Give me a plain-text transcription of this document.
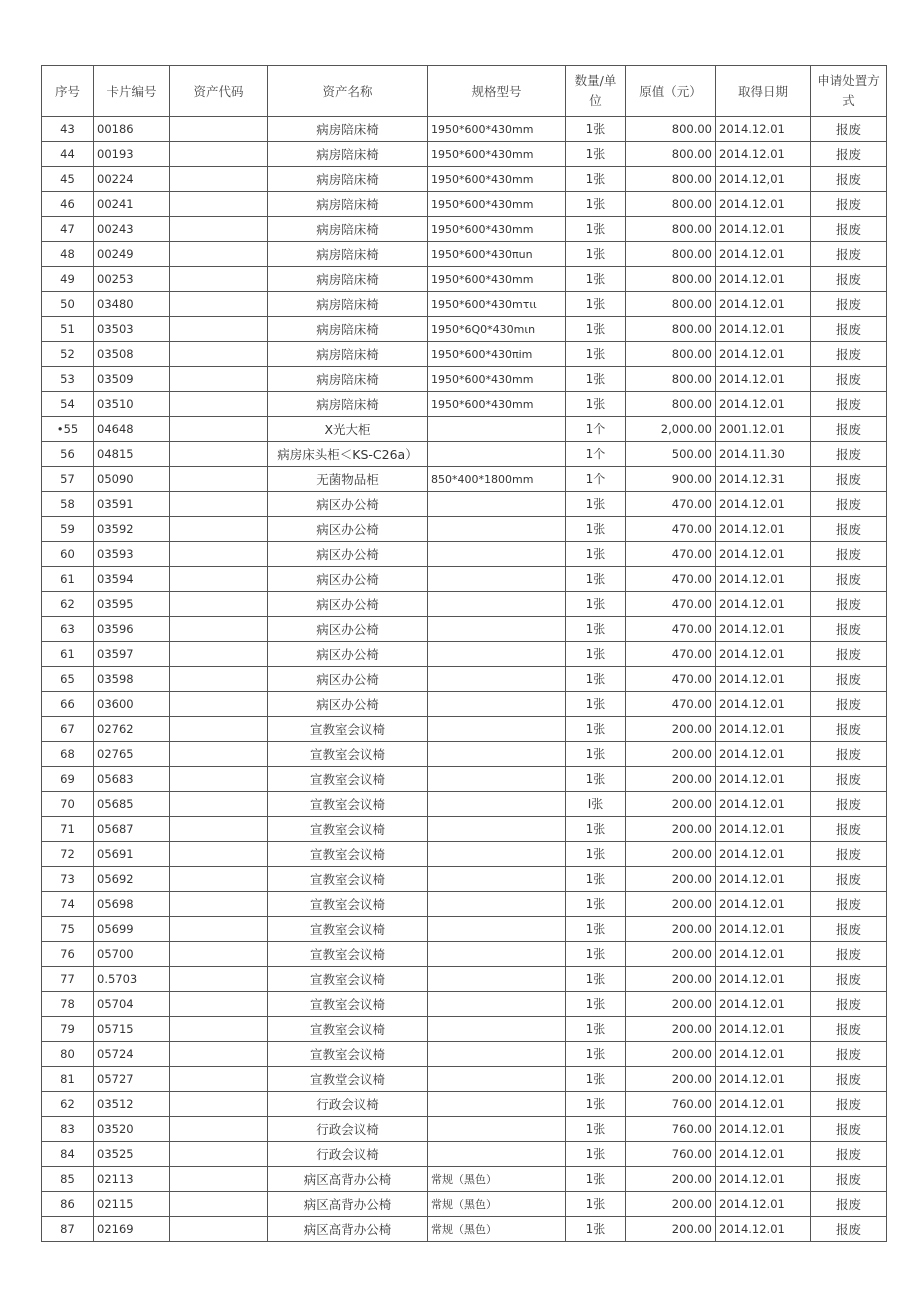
序号	卡片编号	资产代码	资产名称	规格型号	数量/单位	原值（元）	取得日期	申请处置方式
43	00186		病房陪床椅	1950*600*430mm	1张	800.00	2014.12.01	报废
44	00193		病房陪床椅	1950*600*430mm	1张	800.00	2014.12.01	报废
45	00224		病房陪床椅	1950*600*430mm	1张	800.00	2014.12,01	报废
46	00241		病房陪床椅	1950*600*430mm	1张	800.00	2014.12.01	报废
47	00243		病房陪床椅	1950*600*430mm	1张	800.00	2014.12.01	报废
48	00249		病房陪床椅	1950*600*430πun	1张	800.00	2014.12.01	报废
49	00253		病房陪床椅	1950*600*430mm	1张	800.00	2014.12.01	报废
50	03480		病房陪床椅	1950*600*430mτιι	1张	800.00	2014.12.01	报废
51	03503		病房陪床椅	1950*6Q0*430mιn	1张	800.00	2014.12.01	报废
52	03508		病房陪床椅	1950*600*430πim	1张	800.00	2014.12.01	报废
53	03509		病房陪床椅	1950*600*430mm	1张	800.00	2014.12.01	报废
54	03510		病房陪床椅	1950*600*430mm	1张	800.00	2014.12.01	报废
•55	04648		X光大柜		1个	2,000.00	2001.12.01	报废
56	04815		病房床头柜＜KS-C26a）		1个	500.00	2014.11.30	报废
57	05090		无菌物品柜	850*400*1800mm	1个	900.00	2014.12.31	报废
58	03591		病区办公椅		1张	470.00	2014.12.01	报废
59	03592		病区办公椅		1张	470.00	2014.12.01	报废
60	03593		病区办公椅		1张	470.00	2014.12.01	报废
61	03594		病区办公椅		1张	470.00	2014.12.01	报废
62	03595		病区办公椅		1张	470.00	2014.12.01	报废
63	03596		病区办公椅		1张	470.00	2014.12.01	报废
61	03597		病区办公椅		1张	470.00	2014.12.01	报废
65	03598		病区办公椅		1张	470.00	2014.12.01	报废
66	03600		病区办公椅		1张	470.00	2014.12.01	报废
67	02762		宣教室会议椅		1张	200.00	2014.12.01	报废
68	02765		宣教室会议椅		1张	200.00	2014.12.01	报废
69	05683		宣教室会议椅		1张	200.00	2014.12.01	报废
70	05685		宣教室会议椅		Ι张	200.00	2014.12.01	报废
71	05687		宣教室会议椅		1张	200.00	2014.12.01	报废
72	05691		宣教室会议椅		1张	200.00	2014.12.01	报废
73	05692		宣教室会议椅		1张	200.00	2014.12.01	报废
74	05698		宣教室会议椅		1张	200.00	2014.12.01	报废
75	05699		宣教室会议椅		1张	200.00	2014.12.01	报废
76	05700		宣教室会议椅		1张	200.00	2014.12.01	报废
77	0.5703		宣教室会议椅		1张	200.00	2014.12.01	报废
78	05704		宣教室会议椅		1张	200.00	2014.12.01	报废
79	05715		宣教室会议椅		1张	200.00	2014.12.01	报废
80	05724		宣教室会议椅		1张	200.00	2014.12.01	报废
81	05727		宣教堂会议椅		1张	200.00	2014.12.01	报废
62	03512		行政会议椅		1张	760.00	2014.12.01	报废
83	03520		行政会议椅		1张	760.00	2014.12.01	报废
84	03525		行政会议椅		1张	760.00	2014.12.01	报废
85	02113		病区高背办公椅	常规（黑色）	1张	200.00	2014.12.01	报废
86	02115		病区高背办公椅	常规（黑色）	1张	200.00	2014.12.01	报废
87	02169		病区高背办公椅	常规（黑色）	1张	200.00	2014.12.01	报废
